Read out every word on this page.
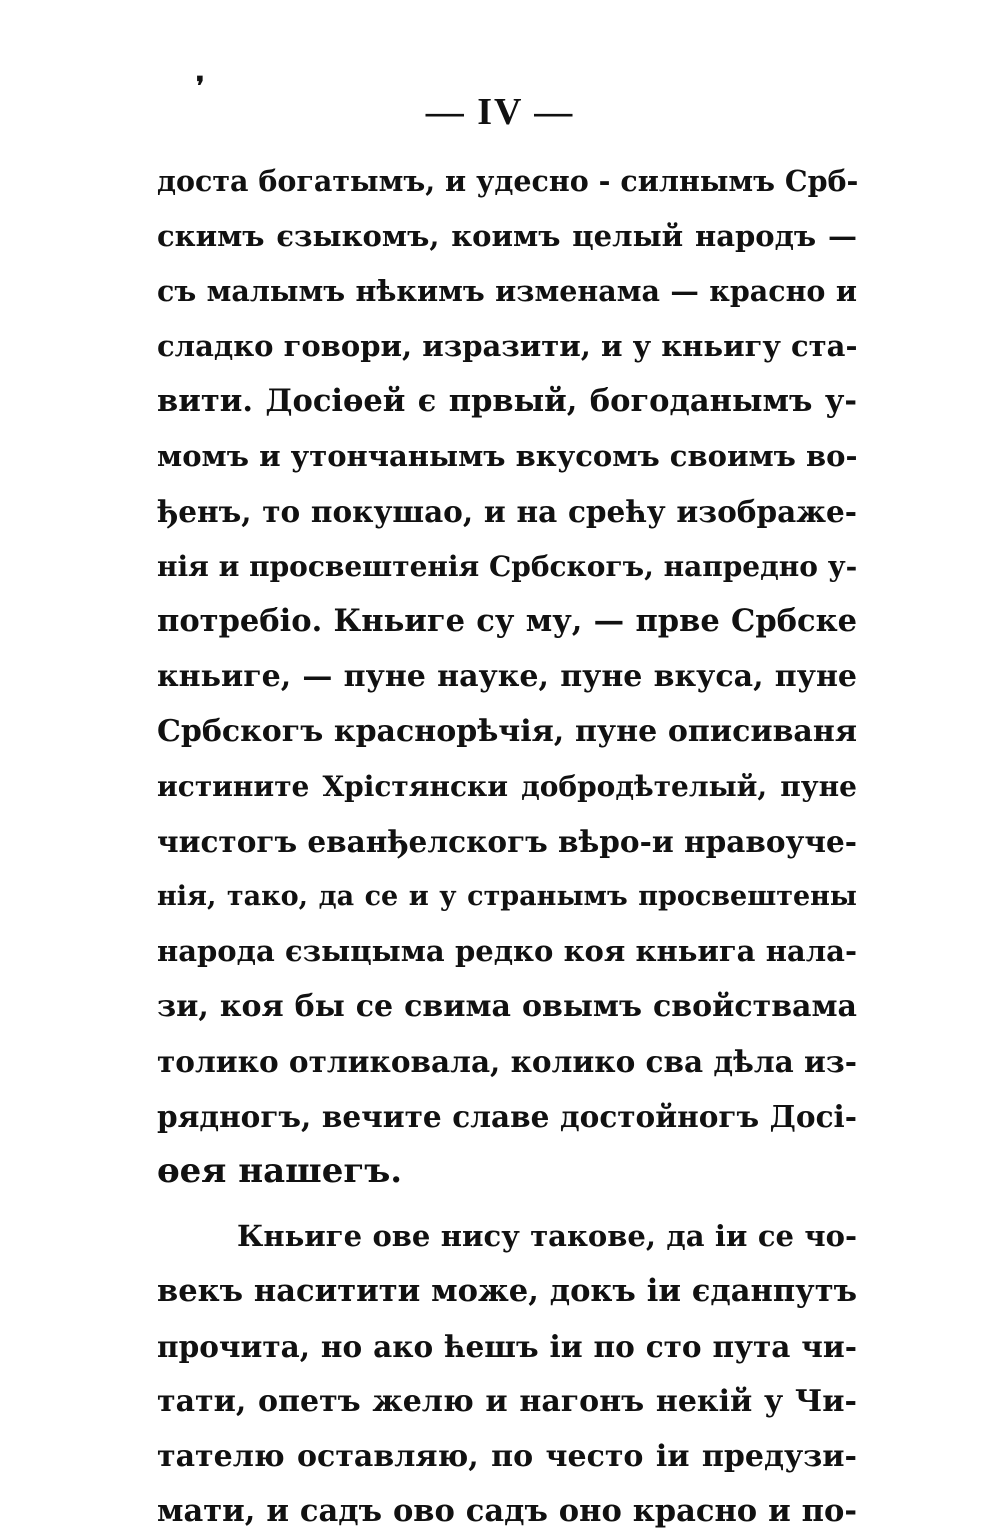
❜
— IV —
доста богатымъ, и удесно - силнымъ Срб-
скимъ єзыкомъ, коимъ целый народъ —
съ малымъ нѣкимъ изменама — красно и
сладко говори, изразити, и у кньигу ста-
вити. Досіөей є првый, богоданымъ у-
момъ и утончанымъ вкусомъ своимъ во-
ђенъ, то покушао, и на срећу изображе-
нія и просвештенія Србскогъ, напредно у-
потребіо. Кньиге су му, — прве Србске
кньиге, — пуне науке, пуне вкуса, пуне
Србскогъ краснорѣчія, пуне описиваня
истините Хрістянски добродѣтелый, пуне
чистогъ еванђелскогъ вѣро-и нравоуче-
нія, тако, да се и у странымъ просвештены
народа єзыцыма редко коя кньига нала-
зи, коя бы се свима овымъ свойствама
толико отликовала, колико сва дѣла из-
рядногъ, вечите славе достойногъ Досі-
өея нашегъ.
Кньиге ове нису такове, да іи се чо-
векъ наситити може, докъ іи єданпутъ
прочита, но ако ћешъ іи по сто пута чи-
тати, опетъ желю и нагонъ некій у Чи-
тателю оставляю, по често іи предузи-
мати, и садъ ово садъ оно красно и по-
